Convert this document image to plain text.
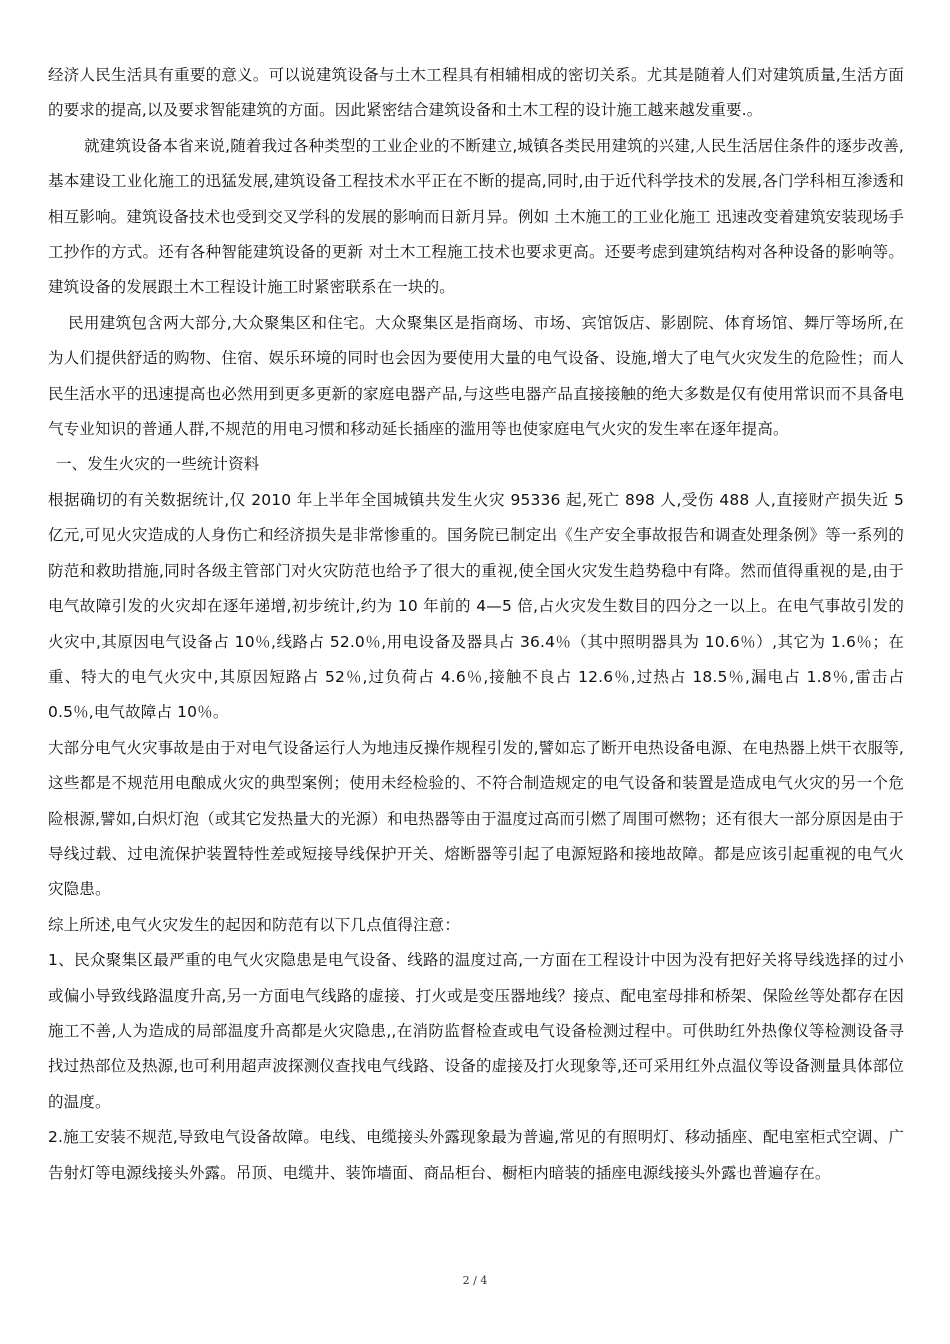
经济人民生活具有重要的意义。可以说建筑设备与土木工程具有相辅相成的密切关系。尤其是随着人们对建筑质量,生活方面的要求的提高,以及要求智能建筑的方面。因此紧密结合建筑设备和土木工程的设计施工越来越发重要.。

就建筑设备本省来说,随着我过各种类型的工业企业的不断建立,城镇各类民用建筑的兴建,人民生活居住条件的逐步改善,基本建设工业化施工的迅猛发展,建筑设备工程技术水平正在不断的提高,同时,由于近代科学技术的发展,各门学科相互渗透和相互影响。建筑设备技术也受到交叉学科的发展的影响而日新月异。例如 土木施工的工业化施工 迅速改变着建筑安装现场手工抄作的方式。还有各种智能建筑设备的更新 对土木工程施工技术也要求更高。还要考虑到建筑结构对各种设备的影响等。建筑设备的发展跟土木工程设计施工时紧密联系在一块的。

民用建筑包含两大部分,大众聚集区和住宅。大众聚集区是指商场、市场、宾馆饭店、影剧院、体育场馆、舞厅等场所,在为人们提供舒适的购物、住宿、娱乐环境的同时也会因为要使用大量的电气设备、设施,增大了电气火灾发生的危险性；而人民生活水平的迅速提高也必然用到更多更新的家庭电器产品,与这些电器产品直接接触的绝大多数是仅有使用常识而不具备电气专业知识的普通人群,不规范的用电习惯和移动延长插座的滥用等也使家庭电气火灾的发生率在逐年提高。

一、发生火灾的一些统计资料

根据确切的有关数据统计,仅 2010 年上半年全国城镇共发生火灾 95336 起,死亡 898 人,受伤 488 人,直接财产损失近 5 亿元,可见火灾造成的人身伤亡和经济损失是非常惨重的。国务院已制定出《生产安全事故报告和调查处理条例》等一系列的防范和救助措施,同时各级主管部门对火灾防范也给予了很大的重视,使全国火灾发生趋势稳中有降。然而值得重视的是,由于电气故障引发的火灾却在逐年递增,初步统计,约为 10 年前的 4—5 倍,占火灾发生数目的四分之一以上。在电气事故引发的火灾中,其原因电气设备占 10％,线路占 52.0％,用电设备及器具占 36.4％（其中照明器具为 10.6％）,其它为 1.6％；在重、特大的电气火灾中,其原因短路占 52％,过负荷占 4.6％,接触不良占 12.6％,过热占 18.5％,漏电占 1.8％,雷击占 0.5％,电气故障占 10％。

大部分电气火灾事故是由于对电气设备运行人为地违反操作规程引发的,譬如忘了断开电热设备电源、在电热器上烘干衣服等,这些都是不规范用电酿成火灾的典型案例；使用未经检验的、不符合制造规定的电气设备和装置是造成电气火灾的另一个危险根源,譬如,白炽灯泡（或其它发热量大的光源）和电热器等由于温度过高而引燃了周围可燃物；还有很大一部分原因是由于导线过载、过电流保护装置特性差或短接导线保护开关、熔断器等引起了电源短路和接地故障。都是应该引起重视的电气火灾隐患。

综上所述,电气火灾发生的起因和防范有以下几点值得注意：

1、民众聚集区最严重的电气火灾隐患是电气设备、线路的温度过高,一方面在工程设计中因为没有把好关将导线选择的过小或偏小导致线路温度升高,另一方面电气线路的虚接、打火或是变压器地线？接点、配电室母排和桥架、保险丝等处都存在因施工不善,人为造成的局部温度升高都是火灾隐患,,在消防监督检查或电气设备检测过程中。可供助红外热像仪等检测设备寻找过热部位及热源,也可利用超声波探测仪查找电气线路、设备的虚接及打火现象等,还可采用红外点温仪等设备测量具体部位的温度。

2.施工安装不规范,导致电气设备故障。电线、电缆接头外露现象最为普遍,常见的有照明灯、移动插座、配电室柜式空调、广告射灯等电源线接头外露。吊顶、电缆井、装饰墙面、商品柜台、橱柜内暗装的插座电源线接头外露也普遍存在。

2 / 4
